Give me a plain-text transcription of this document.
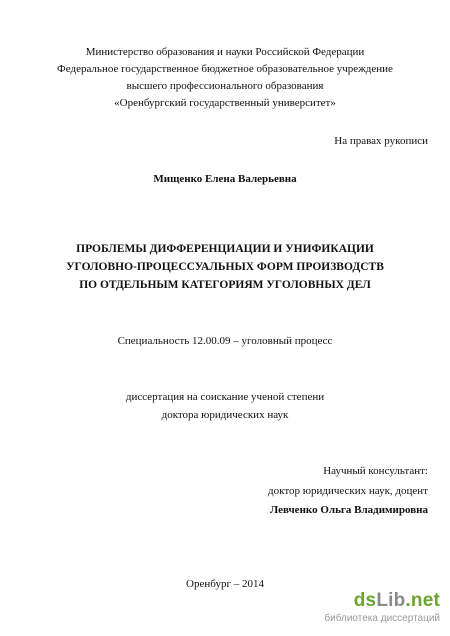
Министерство образования и науки Российской Федерации
Федеральное государственное бюджетное образовательное учреждение
высшего профессионального образования
«Оренбургский государственный университет»
На правах рукописи
Мищенко Елена Валерьевна
ПРОБЛЕМЫ ДИФФЕРЕНЦИАЦИИ И УНИФИКАЦИИ
УГОЛОВНО-ПРОЦЕССУАЛЬНЫХ ФОРМ ПРОИЗВОДСТВ
ПО ОТДЕЛЬНЫМ КАТЕГОРИЯМ УГОЛОВНЫХ ДЕЛ
Специальность 12.00.09 – уголовный процесс
диссертация на соискание ученой степени
доктора юридических наук
Научный консультант:
доктор юридических наук, доцент
Левченко Ольга Владимировна
Оренбург – 2014
dsLib.net
библиотека диссертаций
